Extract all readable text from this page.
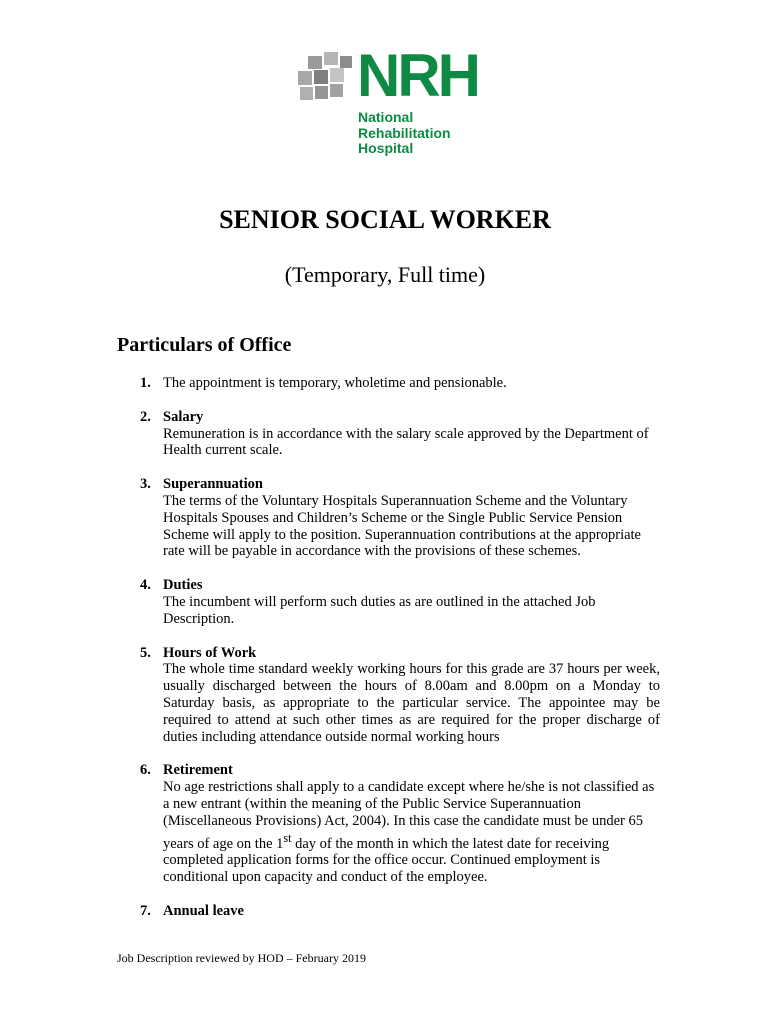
NRH
National
Rehabilitation
Hospital
SENIOR SOCIAL WORKER
(Temporary, Full time)
Particulars of Office
1. The appointment is temporary, wholetime and pensionable.
2. Salary
Remuneration is in accordance with the salary scale approved by the Department of Health current scale.
3. Superannuation
The terms of the Voluntary Hospitals Superannuation Scheme and the Voluntary Hospitals Spouses and Children’s Scheme or the Single Public Service Pension Scheme will apply to the position. Superannuation contributions at the appropriate rate will be payable in accordance with the provisions of these schemes.
4. Duties
The incumbent will perform such duties as are outlined in the attached Job Description.
5. Hours of Work
The whole time standard weekly working hours for this grade are 37 hours per week, usually discharged between the hours of 8.00am and 8.00pm on a Monday to Saturday basis, as appropriate to the particular service. The appointee may be required to attend at such other times as are required for the proper discharge of duties including attendance outside normal working hours
6. Retirement
No age restrictions shall apply to a candidate except where he/she is not classified as a new entrant (within the meaning of the Public Service Superannuation (Miscellaneous Provisions) Act, 2004). In this case the candidate must be under 65 years of age on the 1st day of the month in which the latest date for receiving completed application forms for the office occur. Continued employment is conditional upon capacity and conduct of the employee.
7. Annual leave
Job Description reviewed by HOD – February 2019
